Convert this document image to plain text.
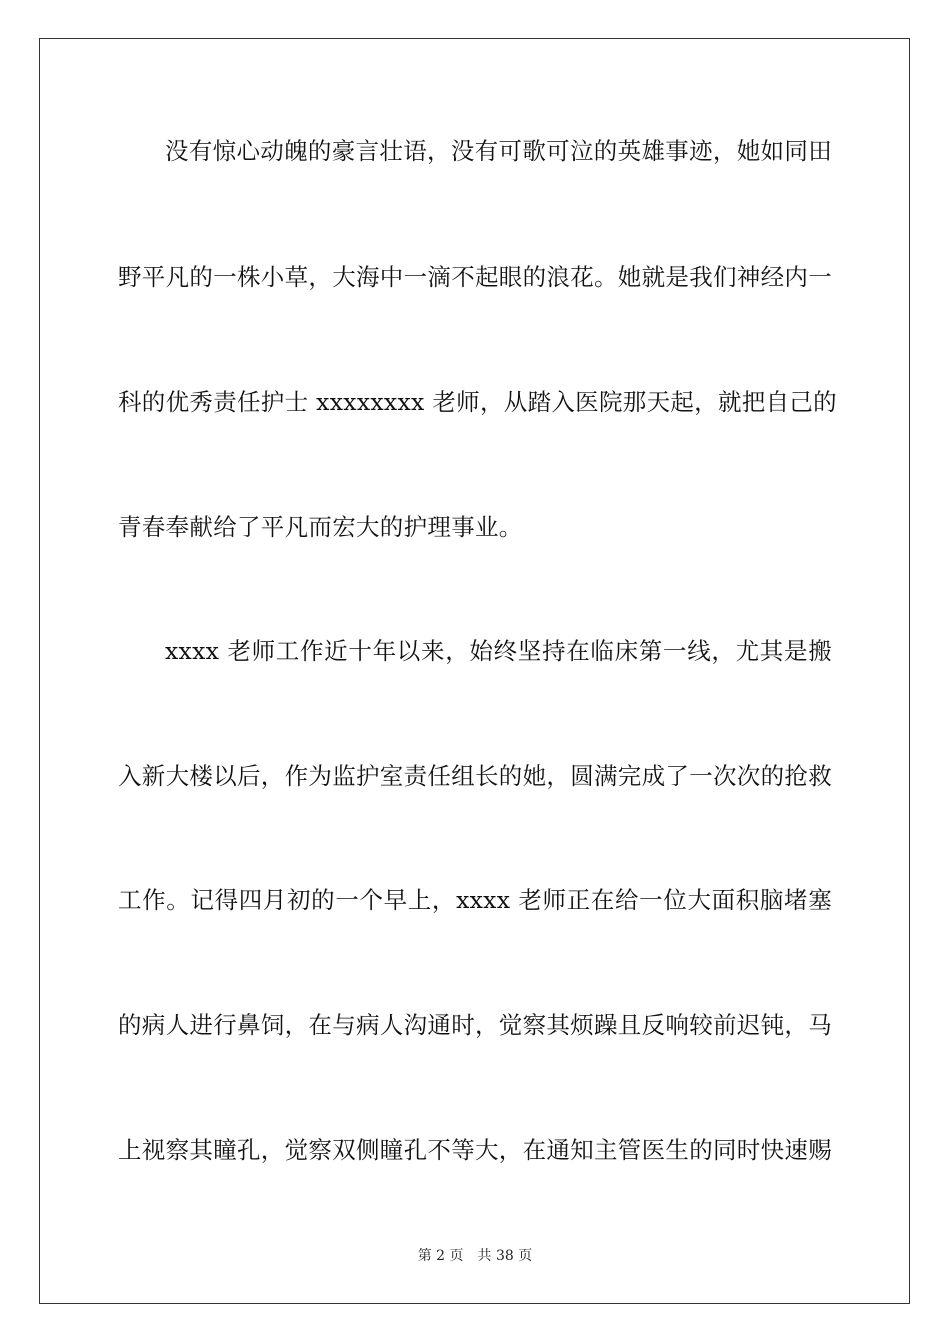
没有惊心动魄的豪言壮语，没有可歌可泣的英雄事迹，她如同田
野平凡的一株小草，大海中一滴不起眼的浪花。她就是我们神经内一
科的优秀责任护士 xxxxxxxx 老师，从踏入医院那天起，就把自己的
青春奉献给了平凡而宏大的护理事业。
xxxx 老师工作近十年以来，始终坚持在临床第一线，尤其是搬
入新大楼以后，作为监护室责任组长的她，圆满完成了一次次的抢救
工作。记得四月初的一个早上，xxxx 老师正在给一位大面积脑堵塞
的病人进行鼻饲，在与病人沟通时，觉察其烦躁且反响较前迟钝，马
上视察其瞳孔，觉察双侧瞳孔不等大，在通知主管医生的同时快速赐
第 2 页 共 38 页
